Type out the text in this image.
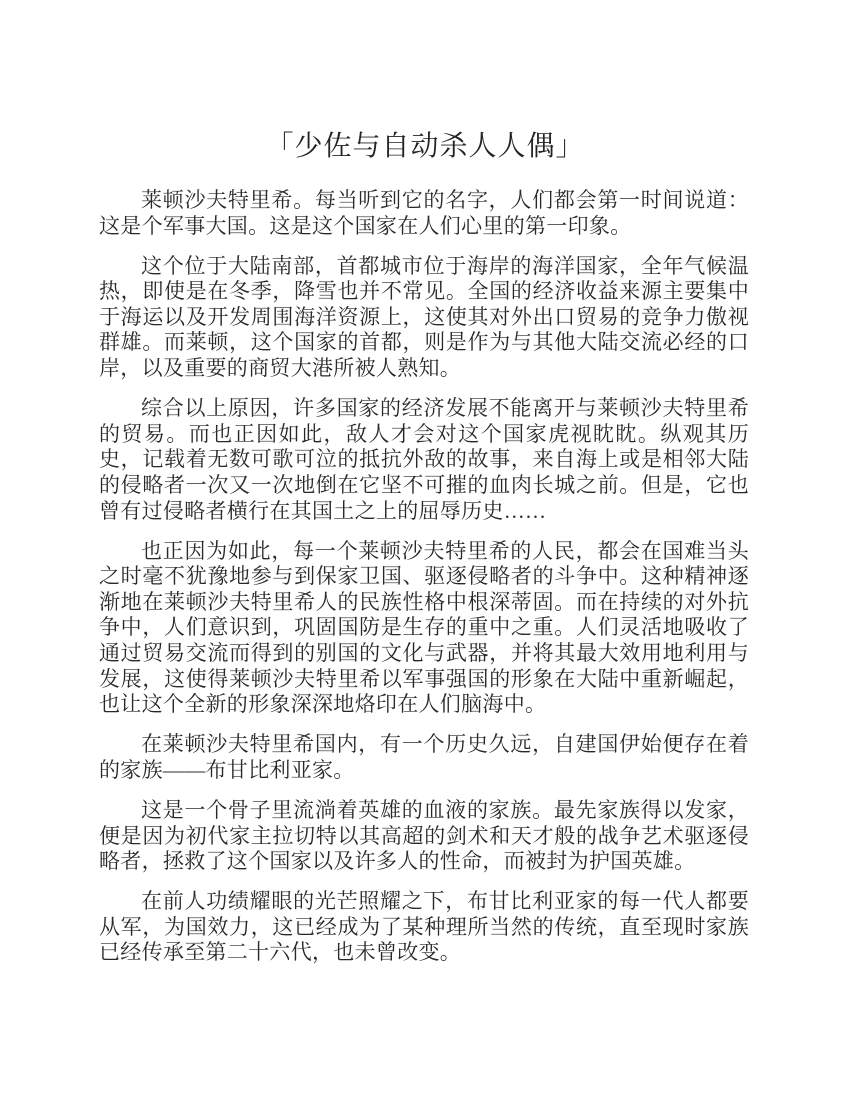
「少佐与自动杀人人偶」

莱顿沙夫特里希。每当听到它的名字，人们都会第一时间说道：这是个军事大国。这是这个国家在人们心里的第一印象。

这个位于大陆南部，首都城市位于海岸的海洋国家，全年气候温热，即使是在冬季，降雪也并不常见。全国的经济收益来源主要集中于海运以及开发周围海洋资源上，这使其对外出口贸易的竞争力傲视群雄。而莱顿，这个国家的首都，则是作为与其他大陆交流必经的口岸，以及重要的商贸大港所被人熟知。

综合以上原因，许多国家的经济发展不能离开与莱顿沙夫特里希的贸易。而也正因如此，敌人才会对这个国家虎视眈眈。纵观其历史，记载着无数可歌可泣的抵抗外敌的故事，来自海上或是相邻大陆的侵略者一次又一次地倒在它坚不可摧的血肉长城之前。但是，它也曾有过侵略者横行在其国土之上的屈辱历史……

也正因为如此，每一个莱顿沙夫特里希的人民，都会在国难当头之时毫不犹豫地参与到保家卫国、驱逐侵略者的斗争中。这种精神逐渐地在莱顿沙夫特里希人的民族性格中根深蒂固。而在持续的对外抗争中，人们意识到，巩固国防是生存的重中之重。人们灵活地吸收了通过贸易交流而得到的别国的文化与武器，并将其最大效用地利用与发展，这使得莱顿沙夫特里希以军事强国的形象在大陆中重新崛起，也让这个全新的形象深深地烙印在人们脑海中。

在莱顿沙夫特里希国内，有一个历史久远，自建国伊始便存在着的家族——布甘比利亚家。

这是一个骨子里流淌着英雄的血液的家族。最先家族得以发家，便是因为初代家主拉切特以其高超的剑术和天才般的战争艺术驱逐侵略者，拯救了这个国家以及许多人的性命，而被封为护国英雄。

在前人功绩耀眼的光芒照耀之下，布甘比利亚家的每一代人都要从军，为国效力，这已经成为了某种理所当然的传统，直至现时家族已经传承至第二十六代，也未曾改变。
